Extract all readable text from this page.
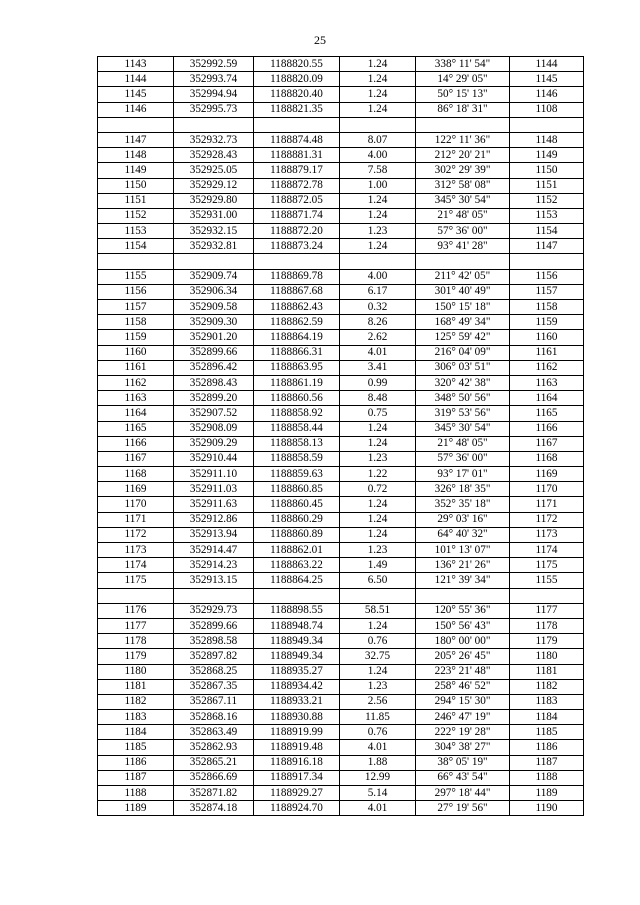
25
1143	352992.59	1188820.55	1.24	338° 11' 54"	1144
1144	352993.74	1188820.09	1.24	14° 29' 05"	1145
1145	352994.94	1188820.40	1.24	50° 15' 13"	1146
1146	352995.73	1188821.35	1.24	86° 18' 31"	1108

1147	352932.73	1188874.48	8.07	122° 11' 36"	1148
1148	352928.43	1188881.31	4.00	212° 20' 21"	1149
1149	352925.05	1188879.17	7.58	302° 29' 39"	1150
1150	352929.12	1188872.78	1.00	312° 58' 08"	1151
1151	352929.80	1188872.05	1.24	345° 30' 54"	1152
1152	352931.00	1188871.74	1.24	21° 48' 05"	1153
1153	352932.15	1188872.20	1.23	57° 36' 00"	1154
1154	352932.81	1188873.24	1.24	93° 41' 28"	1147

1155	352909.74	1188869.78	4.00	211° 42' 05"	1156
1156	352906.34	1188867.68	6.17	301° 40' 49"	1157
1157	352909.58	1188862.43	0.32	150° 15' 18"	1158
1158	352909.30	1188862.59	8.26	168° 49' 34"	1159
1159	352901.20	1188864.19	2.62	125° 59' 42"	1160
1160	352899.66	1188866.31	4.01	216° 04' 09"	1161
1161	352896.42	1188863.95	3.41	306° 03' 51"	1162
1162	352898.43	1188861.19	0.99	320° 42' 38"	1163
1163	352899.20	1188860.56	8.48	348° 50' 56"	1164
1164	352907.52	1188858.92	0.75	319° 53' 56"	1165
1165	352908.09	1188858.44	1.24	345° 30' 54"	1166
1166	352909.29	1188858.13	1.24	21° 48' 05"	1167
1167	352910.44	1188858.59	1.23	57° 36' 00"	1168
1168	352911.10	1188859.63	1.22	93° 17' 01"	1169
1169	352911.03	1188860.85	0.72	326° 18' 35"	1170
1170	352911.63	1188860.45	1.24	352° 35' 18"	1171
1171	352912.86	1188860.29	1.24	29° 03' 16"	1172
1172	352913.94	1188860.89	1.24	64° 40' 32"	1173
1173	352914.47	1188862.01	1.23	101° 13' 07"	1174
1174	352914.23	1188863.22	1.49	136° 21' 26"	1175
1175	352913.15	1188864.25	6.50	121° 39' 34"	1155

1176	352929.73	1188898.55	58.51	120° 55' 36"	1177
1177	352899.66	1188948.74	1.24	150° 56' 43"	1178
1178	352898.58	1188949.34	0.76	180° 00' 00"	1179
1179	352897.82	1188949.34	32.75	205° 26' 45"	1180
1180	352868.25	1188935.27	1.24	223° 21' 48"	1181
1181	352867.35	1188934.42	1.23	258° 46' 52"	1182
1182	352867.11	1188933.21	2.56	294° 15' 30"	1183
1183	352868.16	1188930.88	11.85	246° 47' 19"	1184
1184	352863.49	1188919.99	0.76	222° 19' 28"	1185
1185	352862.93	1188919.48	4.01	304° 38' 27"	1186
1186	352865.21	1188916.18	1.88	38° 05' 19"	1187
1187	352866.69	1188917.34	12.99	66° 43' 54"	1188
1188	352871.82	1188929.27	5.14	297° 18' 44"	1189
1189	352874.18	1188924.70	4.01	27° 19' 56"	1190
